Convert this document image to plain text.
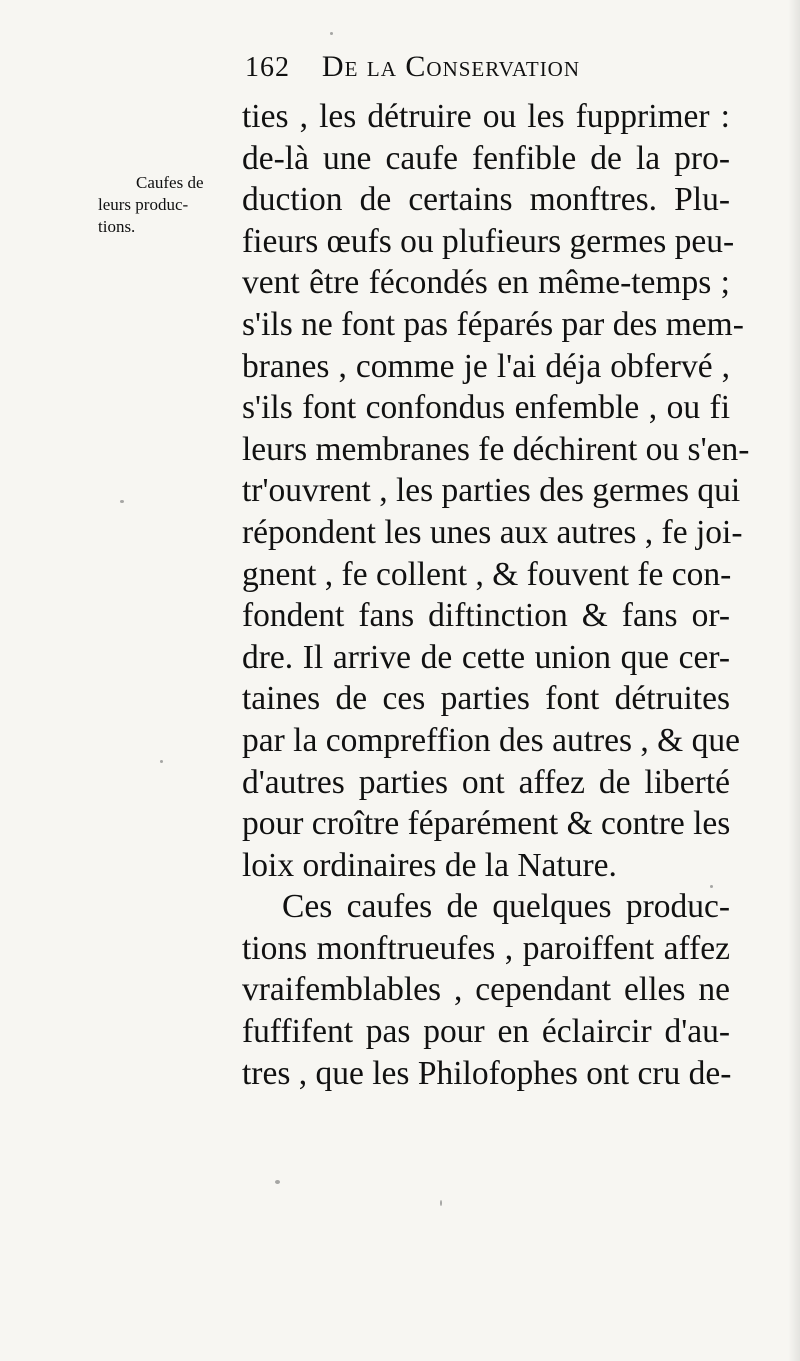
162 De la Conservation
Caufes de
leurs produc-
tions.
ties , les détruire ou les fupprimer :
de-là une caufe fenfible de la pro-
duction de certains monftres. Plu-
fieurs œufs ou plufieurs germes peu-
vent être fécondés en même-temps ;
s'ils ne font pas féparés par des mem-
branes , comme je l'ai déja obfervé ,
s'ils font confondus enfemble , ou fi
leurs membranes fe déchirent ou s'en-
tr'ouvrent , les parties des germes qui
répondent les unes aux autres , fe joi-
gnent , fe collent , & fouvent fe con-
fondent fans diftinction & fans or-
dre. Il arrive de cette union que cer-
taines de ces parties font détruites
par la compreffion des autres , & que
d'autres parties ont affez de liberté
pour croître féparément & contre les
loix ordinaires de la Nature.
Ces caufes de quelques produc-
tions monftrueufes , paroiffent affez
vraifemblables , cependant elles ne
fuffifent pas pour en éclaircir d'au-
tres , que les Philofophes ont cru de-
